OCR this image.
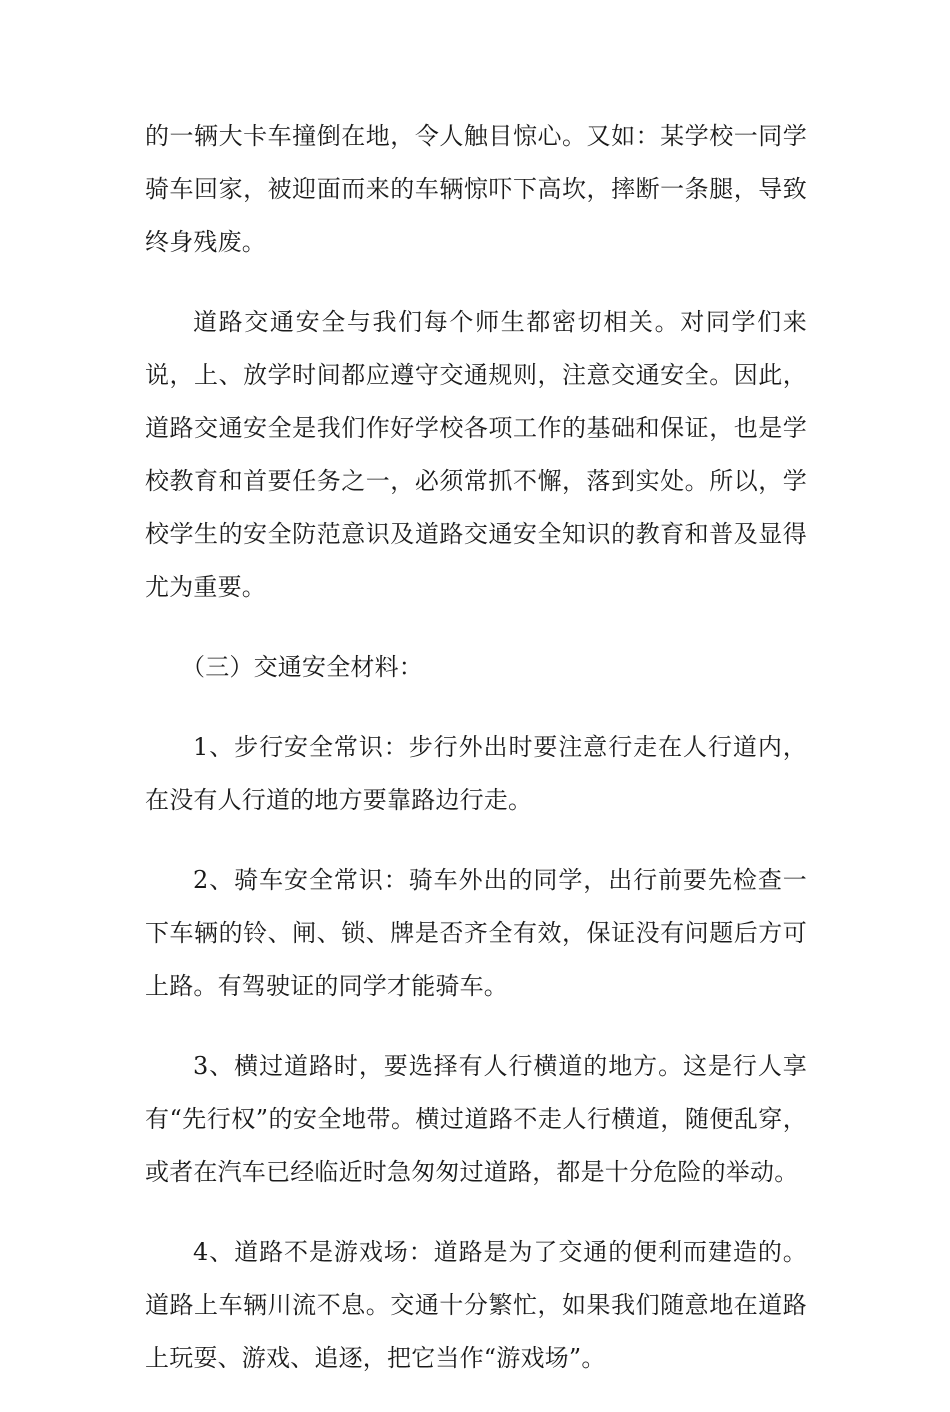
的一辆大卡车撞倒在地，令人触目惊心。又如：某学校一同学骑车回家，被迎面而来的车辆惊吓下高坎，摔断一条腿，导致终身残废。

道路交通安全与我们每个师生都密切相关。对同学们来说，上、放学时间都应遵守交通规则，注意交通安全。因此，道路交通安全是我们作好学校各项工作的基础和保证，也是学校教育和首要任务之一，必须常抓不懈，落到实处。所以，学校学生的安全防范意识及道路交通安全知识的教育和普及显得尤为重要。

（三）交通安全材料：

1、步行安全常识：步行外出时要注意行走在人行道内，在没有人行道的地方要靠路边行走。

2、骑车安全常识：骑车外出的同学，出行前要先检查一下车辆的铃、闸、锁、牌是否齐全有效，保证没有问题后方可上路。有驾驶证的同学才能骑车。

3、横过道路时，要选择有人行横道的地方。这是行人享有“先行权”的安全地带。横过道路不走人行横道，随便乱穿，或者在汽车已经临近时急匆匆过道路，都是十分危险的举动。

4、道路不是游戏场：道路是为了交通的便利而建造的。道路上车辆川流不息。交通十分繁忙，如果我们随意地在道路上玩耍、游戏、追逐，把它当作“游戏场”。
